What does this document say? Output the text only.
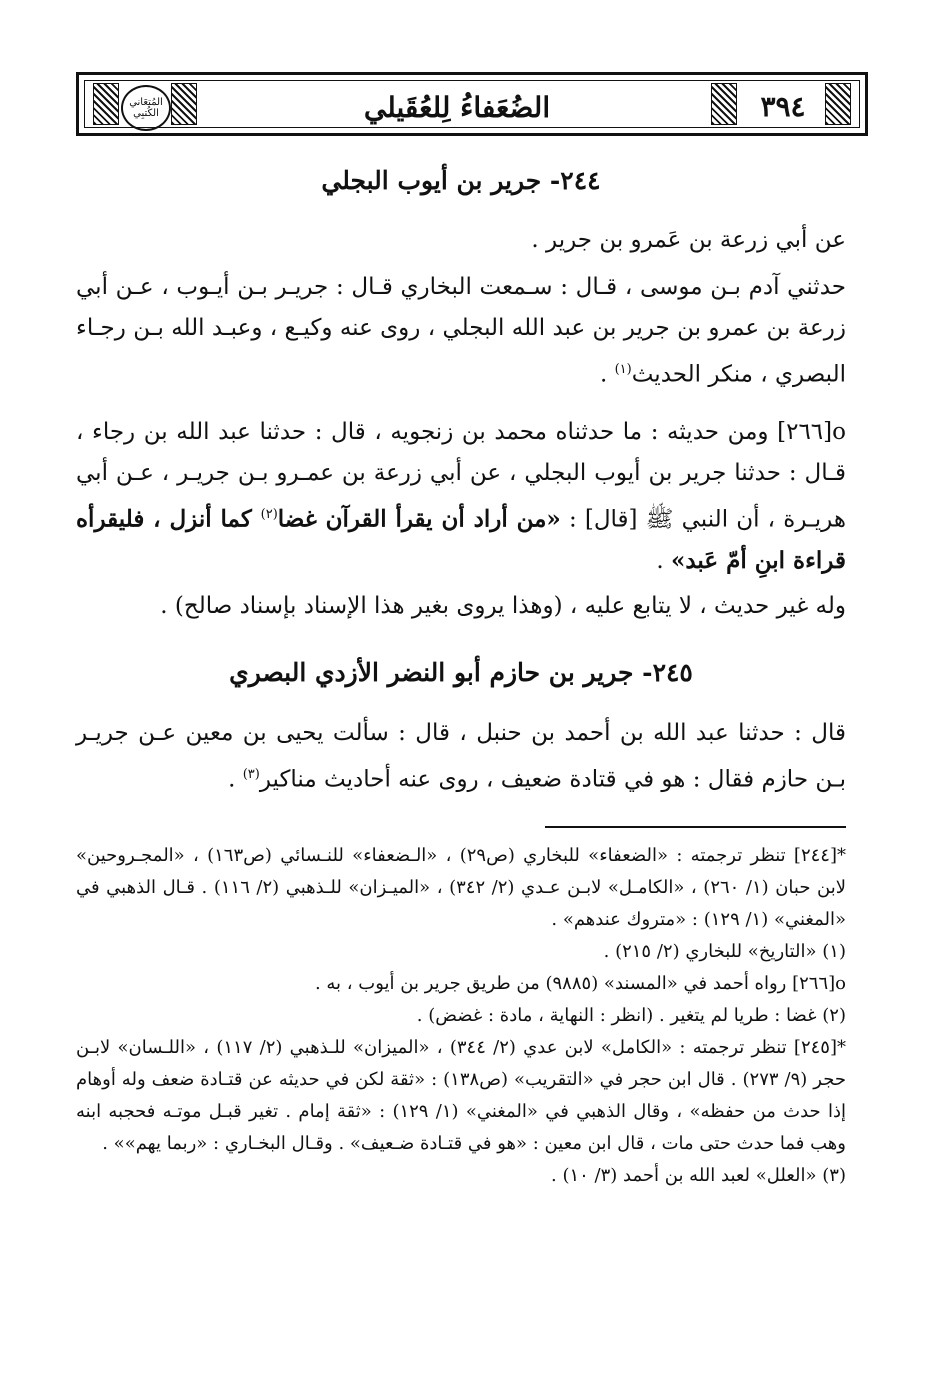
٣٩٤
الضُعَفاءُ لِلعُقَيلي
المُتعَاني الكُتبِي
٢٤٤- جرير بن أيوب البجلي

عن أبي زرعة بن عَمرو بن جرير .

حدثني آدم بـن موسى ، قـال : سـمعت البخاري قـال : جريـر بـن أيـوب ، عـن أبي زرعة بن عمرو بن جرير بن عبد الله البجلي ، روى عنه وكيـع ، وعبـد الله بـن رجـاء البصري ، منكر الحديث$^{(١)}$ .

o[٢٦٦] ومن حديثه : ما حدثناه محمد بن زنجويه ، قال : حدثنا عبد الله بن رجاء ، قـال : حدثنا جرير بن أيوب البجلي ، عن أبي زرعة بن عمـرو بـن جريـر ، عـن أبي هريـرة ، أن النبي ﷺ [قال] : «من أراد أن يقرأ القرآن غضا$^{(٢)}$ كما أنزل ، فليقرأه قراءة ابنِ أمّ عَبد» .

وله غير حديث ، لا يتابع عليه ، (وهذا يروى بغير هذا الإسناد بإسناد صالح) .

٢٤٥- جرير بن حازم أبو النضر الأزدي البصري

قال : حدثنا عبد الله بن أحمد بن حنبل ، قال : سألت يحيى بن معين عـن جريـر بـن حازم فقال : هو في قتادة ضعيف ، روى عنه أحاديث مناكير$^{(٣)}$ .

*[٢٤٤] تنظر ترجمته : «الضعفاء» للبخاري (ص٢٩) ، «الـضعفاء» للنـسائي (ص١٦٣) ، «المجـروحين» لابن حبان (١/ ٢٦٠) ، «الكامـل» لابـن عـدي (٢/ ٣٤٢) ، «الميـزان» للـذهبي (٢/ ١١٦) . قـال الذهبي في «المغني» (١/ ١٢٩) : «متروك عندهم» .
(١) «التاريخ» للبخاري (٢/ ٢١٥) .
o[٢٦٦] رواه أحمد في «المسند» (٩٨٨٥) من طريق جرير بن أيوب ، به .
(٢) غضا : طريا لم يتغير . (انظر : النهاية ، مادة : غضض) .
*[٢٤٥] تنظر ترجمته : «الكامل» لابن عدي (٢/ ٣٤٤) ، «الميزان» للـذهبي (٢/ ١١٧) ، «اللـسان» لابـن حجر (٩/ ٢٧٣) . قال ابن حجر في «التقريب» (ص١٣٨) : «ثقة لكن في حديثه عن قتـادة ضعف وله أوهام إذا حدث من حفظه» ، وقال الذهبي في «المغني» (١/ ١٢٩) : «ثقة إمام . تغير قبـل موتـه فحجبه ابنه وهب فما حدث حتى مات ، قال ابن معين : «هو في قتـادة ضـعيف» . وقـال البخـاري : «ربما يهم»» .
(٣) «العلل» لعبد الله بن أحمد (٣/ ١٠) .
